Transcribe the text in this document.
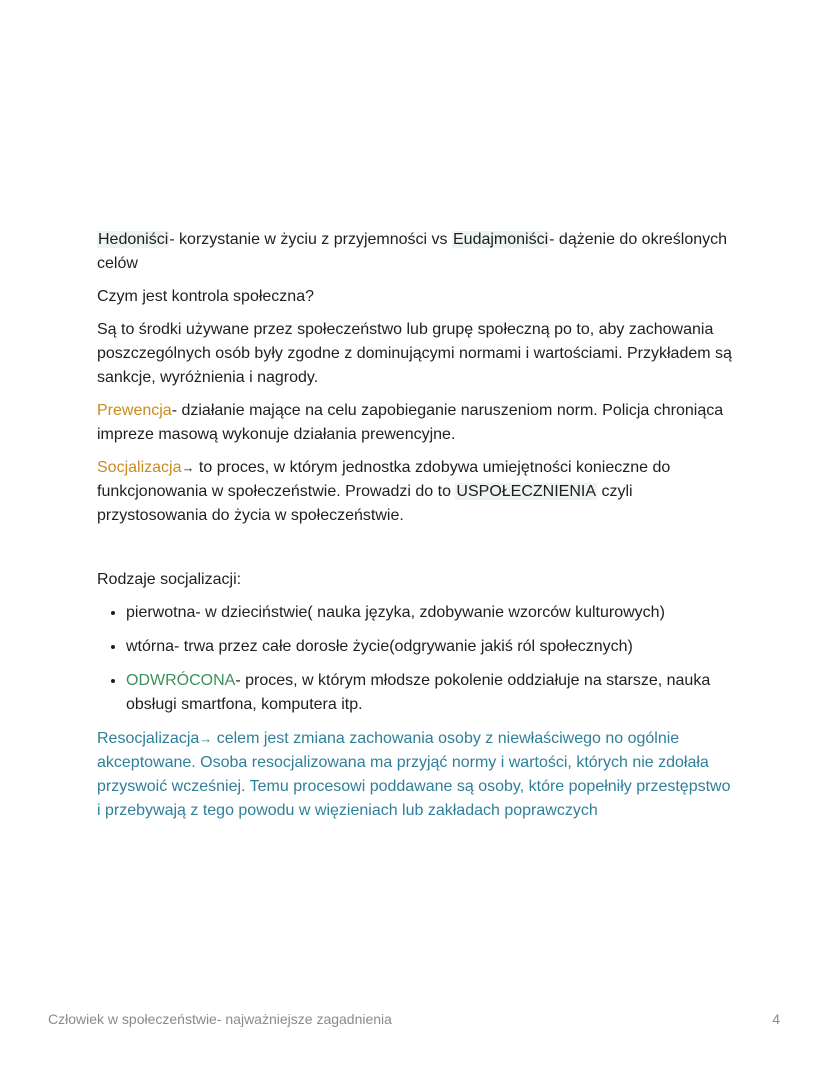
Hedoniści- korzystanie w życiu z przyjemności vs Eudajmoniści- dążenie do określonych celów

Czym jest kontrola społeczna?

Są to środki używane przez społeczeństwo lub grupę społeczną po to, aby zachowania poszczególnych osób były zgodne z dominującymi normami i wartościami. Przykładem są sankcje, wyróżnienia i nagrody.

Prewencja- działanie mające na celu zapobieganie naruszeniom norm. Policja chroniąca impreze masową wykonuje działania prewencyjne.

Socjalizacja→ to proces, w którym jednostka zdobywa umiejętności konieczne do funkcjonowania w społeczeństwie. Prowadzi do to USPOŁECZNIENIA czyli przystosowania do życia w społeczeństwie.

Rodzaje socjalizacji:

• pierwotna- w dzieciństwie( nauka języka, zdobywanie wzorców kulturowych)
• wtórna- trwa przez całe dorosłe życie(odgrywanie jakiś ról społecznych)
• ODWRÓCONA- proces, w którym młodsze pokolenie oddziałuje na starsze, nauka obsługi smartfona, komputera itp.

Resocjalizacja→ celem jest zmiana zachowania osoby z niewłaściwego no ogólnie akceptowane. Osoba resocjalizowana ma przyjąć normy i wartości, których nie zdołała przyswoić wcześniej. Temu procesowi poddawane są osoby, które popełniły przestępstwo i przebywają z tego powodu w więzieniach lub zakładach poprawczych

Człowiek w społeczeństwie- najważniejsze zagadnienia	4
